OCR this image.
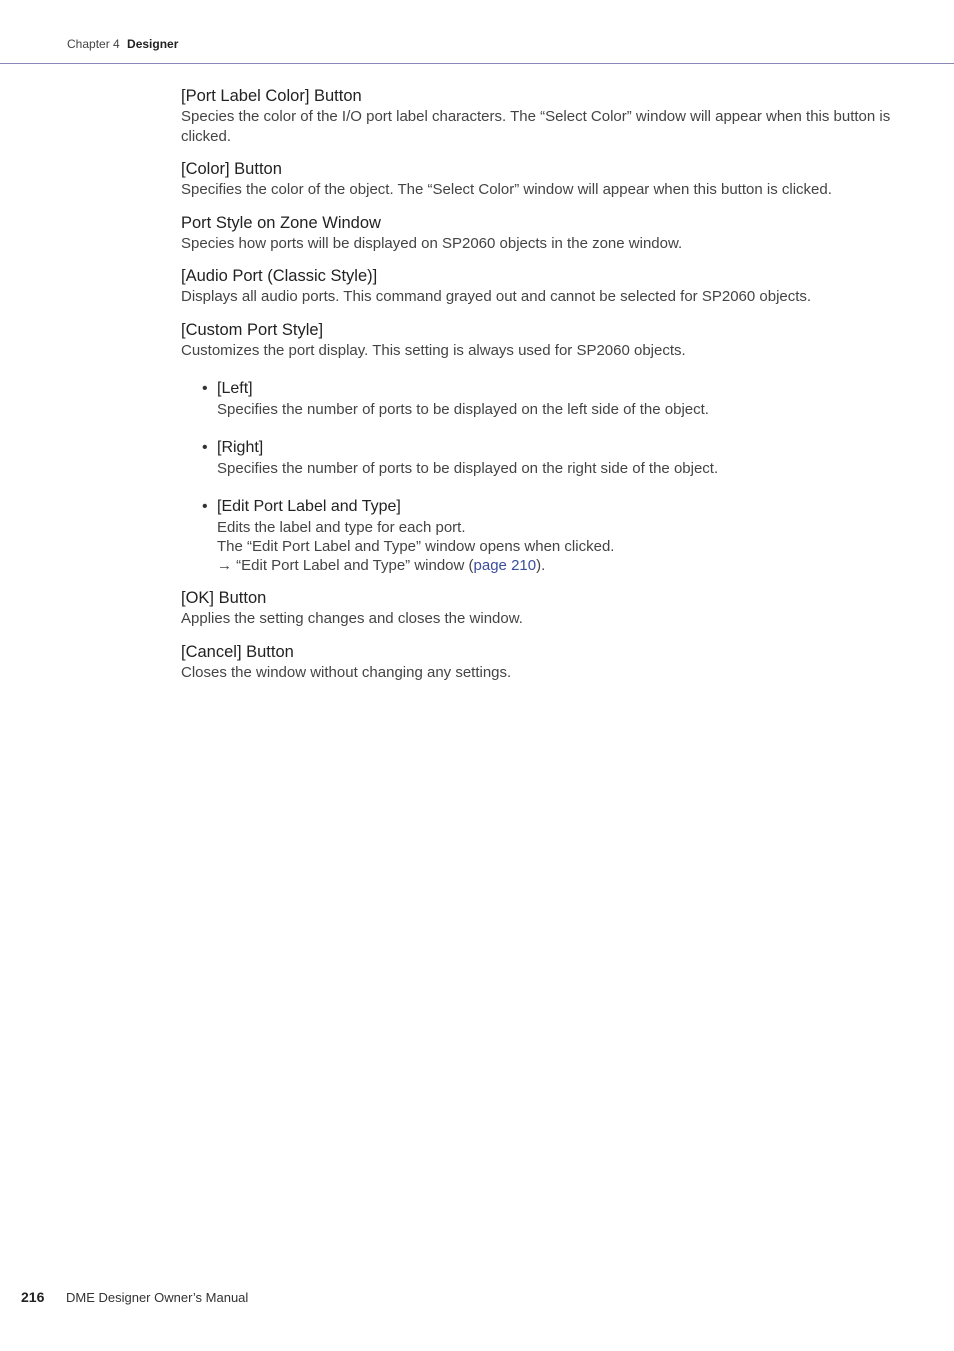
Chapter 4 Designer
[Port Label Color] Button
Species the color of the I/O port label characters. The “Select Color” window will appear when this button is clicked.
[Color] Button
Specifies the color of the object. The “Select Color” window will appear when this button is clicked.
Port Style on Zone Window
Species how ports will be displayed on SP2060 objects in the zone window.
[Audio Port (Classic Style)]
Displays all audio ports. This command grayed out and cannot be selected for SP2060 objects.
[Custom Port Style]
Customizes the port display. This setting is always used for SP2060 objects.
• [Left]
Specifies the number of ports to be displayed on the left side of the object.
• [Right]
Specifies the number of ports to be displayed on the right side of the object.
• [Edit Port Label and Type]
Edits the label and type for each port.
The “Edit Port Label and Type” window opens when clicked.
→ “Edit Port Label and Type” window (page 210).
[OK] Button
Applies the setting changes and closes the window.
[Cancel] Button
Closes the window without changing any settings.
216 DME Designer Owner’s Manual
